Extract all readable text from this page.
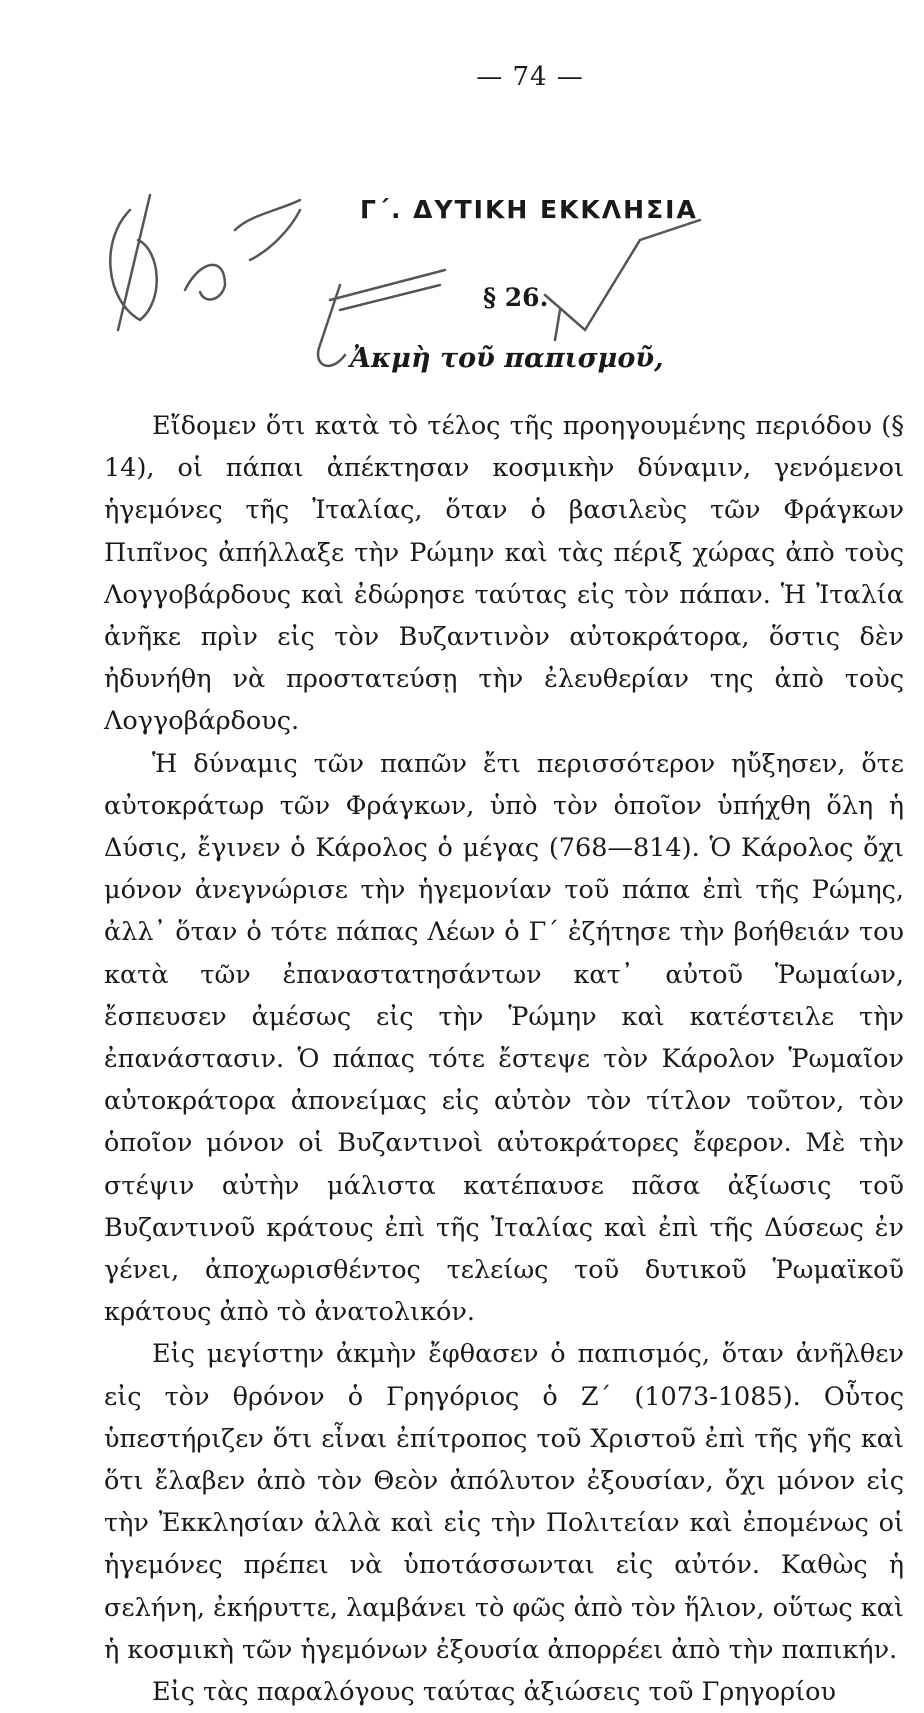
— 74 —
Γ΄. ΔΥΤΙΚΗ ΕΚΚΛΗΣΙΑ
§ 26.
Ἀκμὴ τοῦ παπισμοῦ,

Εἴδομεν ὅτι κατὰ τὸ τέλος τῆς προηγουμένης περιόδου (§ 14), οἱ πάπαι ἀπέκτησαν κοσμικὴν δύναμιν, γενόμενοι ἡγεμόνες τῆς Ἰταλίας, ὅταν ὁ βασιλεὺς τῶν Φράγκων Πιπῖνος ἀπήλλαξε τὴν Ρώμην καὶ τὰς πέριξ χώρας ἀπὸ τοὺς Λογγοβάρδους καὶ ἐδώρησε ταύτας εἰς τὸν πάπαν. Ἡ Ἰταλία ἀνῆκε πρὶν εἰς τὸν Βυζαντινὸν αὐτοκράτορα, ὅστις δὲν ἠδυνήθη νὰ προστατεύσῃ τὴν ἐλευθερίαν της ἀπὸ τοὺς Λογγοβάρδους.

Ἡ δύναμις τῶν παπῶν ἔτι περισσότερον ηὔξησεν, ὅτε αὐτοκράτωρ τῶν Φράγκων, ὑπὸ τὸν ὁποῖον ὑπήχθη ὅλη ἡ Δύσις, ἔγινεν ὁ Κάρολος ὁ μέγας (768—814). Ὁ Κάρολος ὄχι μόνον ἀνεγνώρισε τὴν ἡγεμονίαν τοῦ πάπα ἐπὶ τῆς Ρώμης, ἀλλ᾿ ὅταν ὁ τότε πάπας Λέων ὁ Γ΄ ἐζήτησε τὴν βοήθειάν του κατὰ τῶν ἐπαναστατησάντων κατ᾿ αὐτοῦ Ῥωμαίων, ἔσπευσεν ἀμέσως εἰς τὴν Ῥώμην καὶ κατέστειλε τὴν ἐπανάστασιν. Ὁ πάπας τότε ἔστεψε τὸν Κάρολον Ῥωμαῖον αὐτοκράτορα ἀπονείμας εἰς αὐτὸν τὸν τίτλον τοῦτον, τὸν ὁποῖον μόνον οἱ Βυζαντινοὶ αὐτοκράτορες ἔφερον. Μὲ τὴν στέψιν αὐτὴν μάλιστα κατέπαυσε πᾶσα ἀξίωσις τοῦ Βυζαντινοῦ κράτους ἐπὶ τῆς Ἰταλίας καὶ ἐπὶ τῆς Δύσεως ἐν γένει, ἀποχωρισθέντος τελείως τοῦ δυτικοῦ Ῥωμαϊκοῦ κράτους ἀπὸ τὸ ἀνατολικόν.

Εἰς μεγίστην ἀκμὴν ἔφθασεν ὁ παπισμός, ὅταν ἀνῆλθεν εἰς τὸν θρόνον ὁ Γρηγόριος ὁ Ζ΄ (1073-1085). Οὗτος ὑπεστήριζεν ὅτι εἶναι ἐπίτροπος τοῦ Χριστοῦ ἐπὶ τῆς γῆς καὶ ὅτι ἔλαβεν ἀπὸ τὸν Θεὸν ἀπόλυτον ἐξουσίαν, ὄχι μόνον εἰς τὴν Ἐκκλησίαν ἀλλὰ καὶ εἰς τὴν Πολιτείαν καὶ ἐπομένως οἱ ἡγεμόνες πρέπει νὰ ὑποτάσσωνται εἰς αὐτόν. Καθὼς ἡ σελήνη, ἐκήρυττε, λαμβάνει τὸ φῶς ἀπὸ τὸν ἥλιον, οὕτως καὶ ἡ κοσμικὴ τῶν ἡγεμόνων ἐξουσία ἀπορρέει ἀπὸ τὴν παπικήν.

Εἰς τὰς παραλόγους ταύτας ἀξιώσεις τοῦ Γρηγορίου
